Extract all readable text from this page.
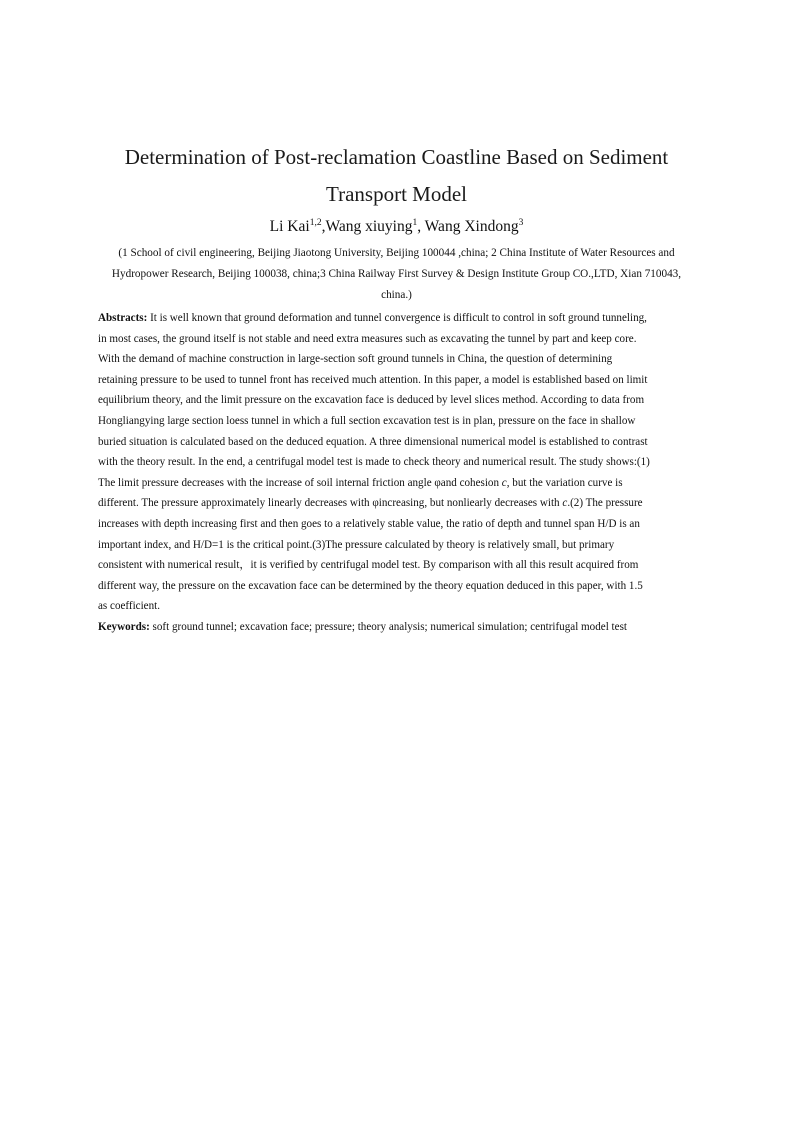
Determination of Post-reclamation Coastline Based on Sediment
Transport Model
Li Kai$^{1,2}$,Wang xiuying$^1$, Wang Xindong$^3$
(1 School of civil engineering, Beijing Jiaotong University, Beijing 100044 ,china; 2 China Institute of Water Resources and
Hydropower Research, Beijing 100038, china;3 China Railway First Survey & Design Institute Group CO.,LTD, Xian 710043,
china.)
Abstracts: It is well known that ground deformation and tunnel convergence is difficult to control in soft ground tunneling,
in most cases, the ground itself is not stable and need extra measures such as excavating the tunnel by part and keep core.
With the demand of machine construction in large-section soft ground tunnels in China, the question of determining
retaining pressure to be used to tunnel front has received much attention. In this paper, a model is established based on limit
equilibrium theory, and the limit pressure on the excavation face is deduced by level slices method. According to data from
Hongliangying large section loess tunnel in which a full section excavation test is in plan, pressure on the face in shallow
buried situation is calculated based on the deduced equation. A three dimensional numerical model is established to contrast
with the theory result. In the end, a centrifugal model test is made to check theory and numerical result. The study shows:(1)
The limit pressure decreases with the increase of soil internal friction angle φand cohesion c, but the variation curve is
different. The pressure approximately linearly decreases with φincreasing, but nonliearly decreases with c.(2) The pressure
increases with depth increasing first and then goes to a relatively stable value, the ratio of depth and tunnel span H/D is an
important index, and H/D=1 is the critical point.(3)The pressure calculated by theory is relatively small, but primary
consistent with numerical result，it is verified by centrifugal model test. By comparison with all this result acquired from
different way, the pressure on the excavation face can be determined by the theory equation deduced in this paper, with 1.5
as coefficient.
Keywords: soft ground tunnel; excavation face; pressure; theory analysis; numerical simulation; centrifugal model test
